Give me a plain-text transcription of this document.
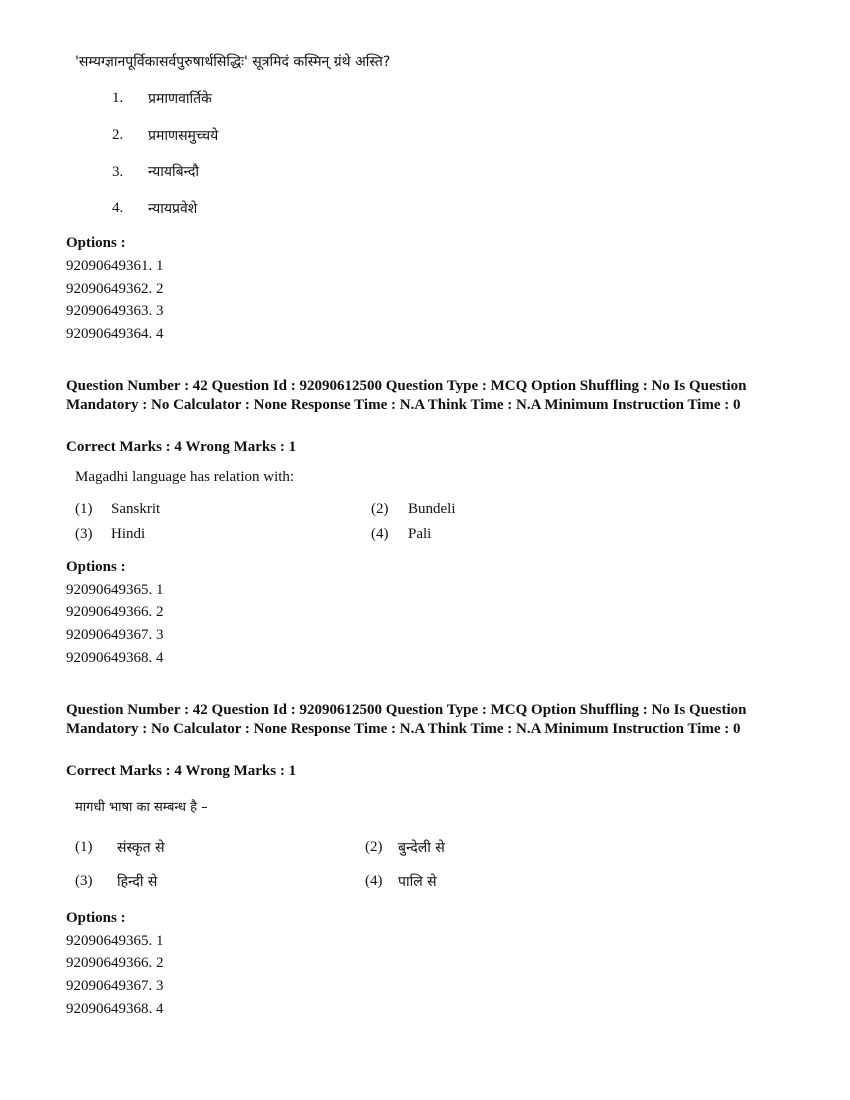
'सम्यग्ज्ञानपूर्विकासर्वपुरुषार्थसिद्धिः' सूत्रमिदं कस्मिन् ग्रंथे अस्ति?
1. प्रमाणवार्तिके
2. प्रमाणसमुच्चये
3. न्यायबिन्दौ
4. न्यायप्रवेशे
Options :
92090649361. 1
92090649362. 2
92090649363. 3
92090649364. 4
Question Number : 42 Question Id : 92090612500 Question Type : MCQ Option Shuffling : No Is Question Mandatory : No Calculator : None Response Time : N.A Think Time : N.A Minimum Instruction Time : 0
Correct Marks : 4 Wrong Marks : 1
Magadhi language has relation with:
(1) Sanskrit	(2) Bundeli
(3) Hindi	(4) Pali
Options :
92090649365. 1
92090649366. 2
92090649367. 3
92090649368. 4
Question Number : 42 Question Id : 92090612500 Question Type : MCQ Option Shuffling : No Is Question Mandatory : No Calculator : None Response Time : N.A Think Time : N.A Minimum Instruction Time : 0
Correct Marks : 4 Wrong Marks : 1
मागधी भाषा का सम्बन्ध है –
(1) संस्कृत से	(2) बुन्देली से
(3) हिन्दी से	(4) पालि से
Options :
92090649365. 1
92090649366. 2
92090649367. 3
92090649368. 4
